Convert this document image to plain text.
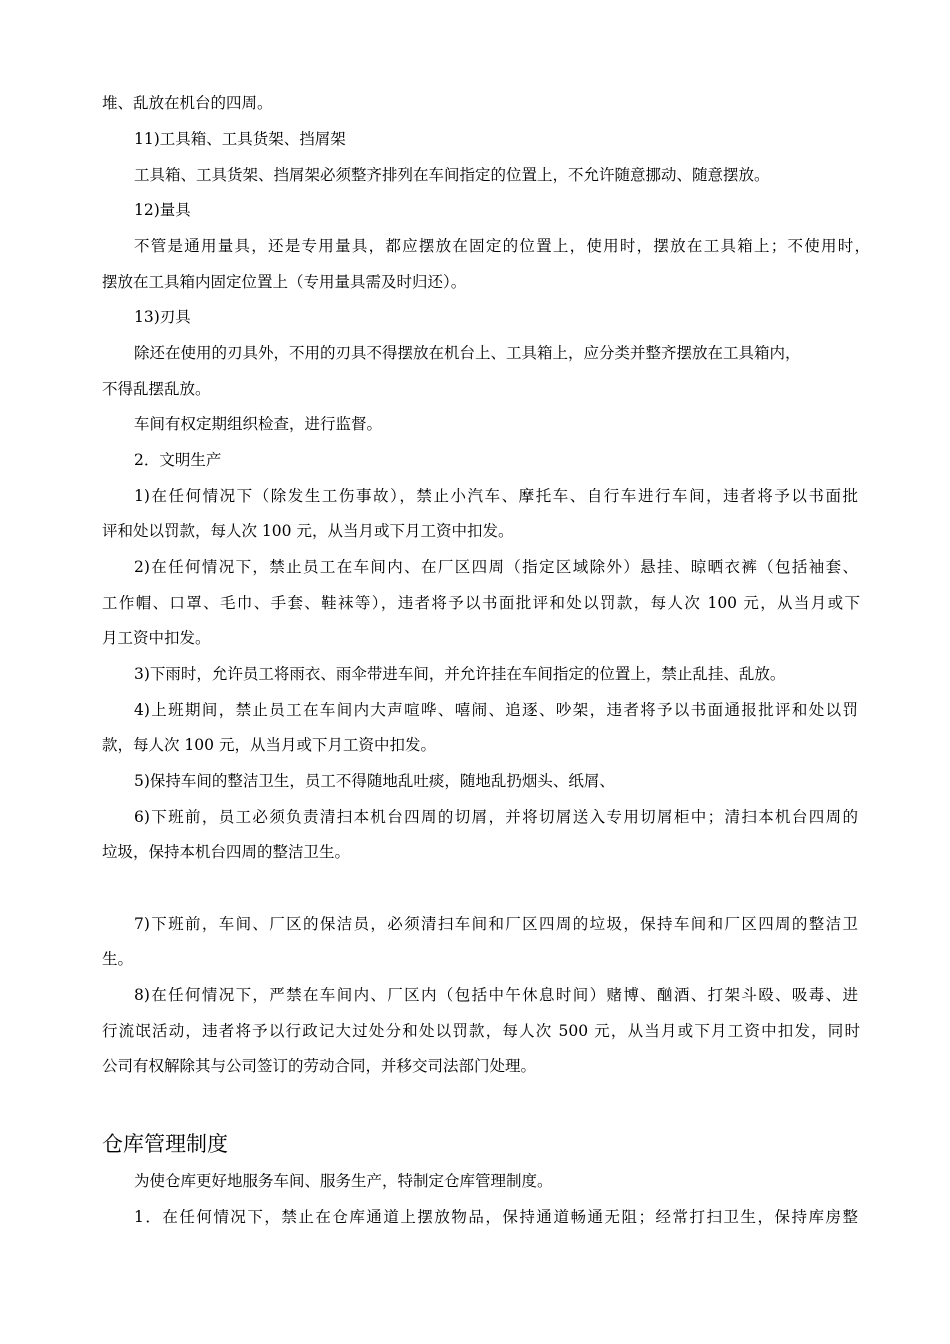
堆、乱放在机台的四周。
11)工具箱、工具货架、挡屑架
工具箱、工具货架、挡屑架必须整齐排列在车间指定的位置上，不允许随意挪动、随意摆放。
12)量具
不管是通用量具，还是专用量具，都应摆放在固定的位置上，使用时，摆放在工具箱上；不使用时，
摆放在工具箱内固定位置上（专用量具需及时归还）。
13)刃具
除还在使用的刃具外，不用的刃具不得摆放在机台上、工具箱上，应分类并整齐摆放在工具箱内，
不得乱摆乱放。
车间有权定期组织检查，进行监督。
2．文明生产
1)在任何情况下（除发生工伤事故），禁止小汽车、摩托车、自行车进行车间，违者将予以书面批
评和处以罚款，每人次 100 元，从当月或下月工资中扣发。
2)在任何情况下，禁止员工在车间内、在厂区四周（指定区域除外）悬挂、晾晒衣裤（包括袖套、
工作帽、口罩、毛巾、手套、鞋袜等），违者将予以书面批评和处以罚款，每人次 100 元，从当月或下
月工资中扣发。
3)下雨时，允许员工将雨衣、雨伞带进车间，并允许挂在车间指定的位置上，禁止乱挂、乱放。
4)上班期间，禁止员工在车间内大声喧哗、嘻闹、追逐、吵架，违者将予以书面通报批评和处以罚
款，每人次 100 元，从当月或下月工资中扣发。
5)保持车间的整洁卫生，员工不得随地乱吐痰，随地乱扔烟头、纸屑、
6)下班前，员工必须负责清扫本机台四周的切屑，并将切屑送入专用切屑柜中；清扫本机台四周的
垃圾，保持本机台四周的整洁卫生。
7)下班前，车间、厂区的保洁员，必须清扫车间和厂区四周的垃圾，保持车间和厂区四周的整洁卫
生。
8)在任何情况下，严禁在车间内、厂区内（包括中午休息时间）赌博、酗酒、打架斗殴、吸毒、进
行流氓活动，违者将予以行政记大过处分和处以罚款，每人次 500 元，从当月或下月工资中扣发，同时
公司有权解除其与公司签订的劳动合同，并移交司法部门处理。
仓库管理制度
为使仓库更好地服务车间、服务生产，特制定仓库管理制度。
1．在任何情况下，禁止在仓库通道上摆放物品，保持通道畅通无阻；经常打扫卫生，保持库房整
